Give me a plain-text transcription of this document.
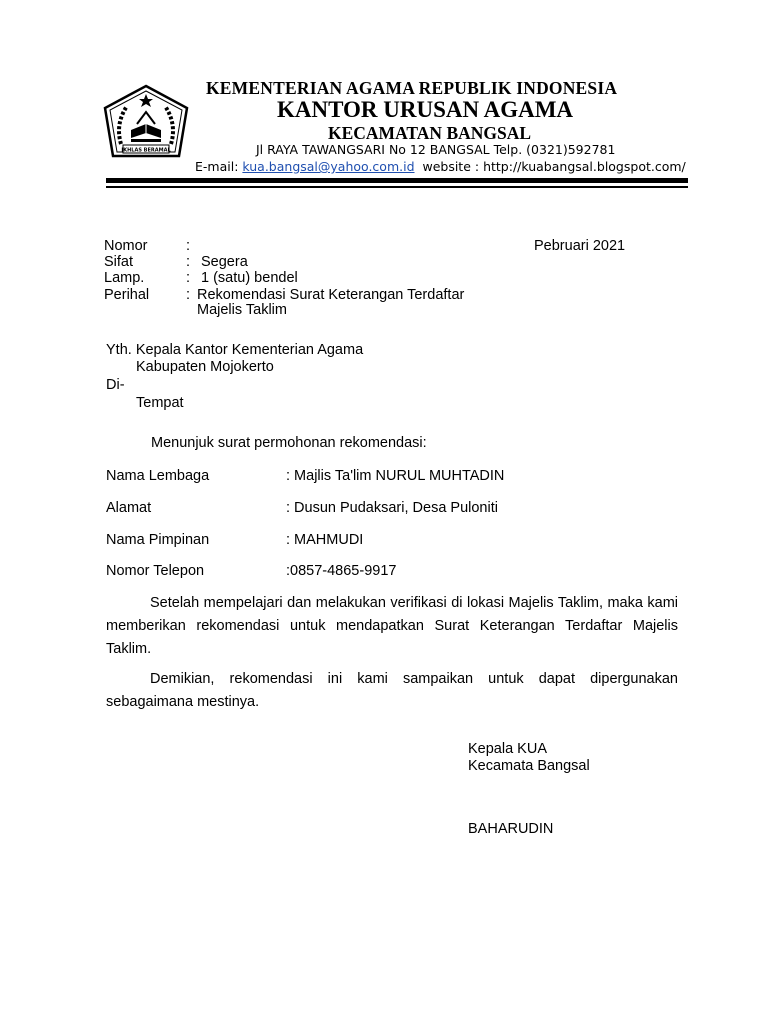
IKHLAS BERAMAL
KEMENTERIAN AGAMA REPUBLIK INDONESIA
KANTOR URUSAN AGAMA
KECAMATAN BANGSAL
Jl RAYA TAWANGSARI No 12 BANGSAL Telp. (0321)592781
E-mail: kua.bangsal@yahoo.com.id website : http://kuabangsal.blogspot.com/
Pebruari 2021
Nomor	:
Sifat	: Segera
Lamp.	: 1 (satu) bendel
Perihal	: Rekomendasi Surat Keterangan Terdaftar
Majelis Taklim
Yth. Kepala Kantor Kementerian Agama
Kabupaten Mojokerto
Di-
Tempat
Menunjuk surat permohonan rekomendasi:
Nama Lembaga	: Majlis Ta'lim NURUL MUHTADIN
Alamat	: Dusun Pudaksari, Desa Puloniti
Nama Pimpinan	: MAHMUDI
Nomor Telepon	:0857-4865-9917
Setelah mempelajari dan melakukan verifikasi di lokasi Majelis Taklim, maka kami memberikan rekomendasi untuk mendapatkan Surat Keterangan Terdaftar Majelis Taklim.
Demikian, rekomendasi ini kami sampaikan untuk dapat dipergunakan sebagaimana mestinya.
Kepala KUA
Kecamata Bangsal
BAHARUDIN
